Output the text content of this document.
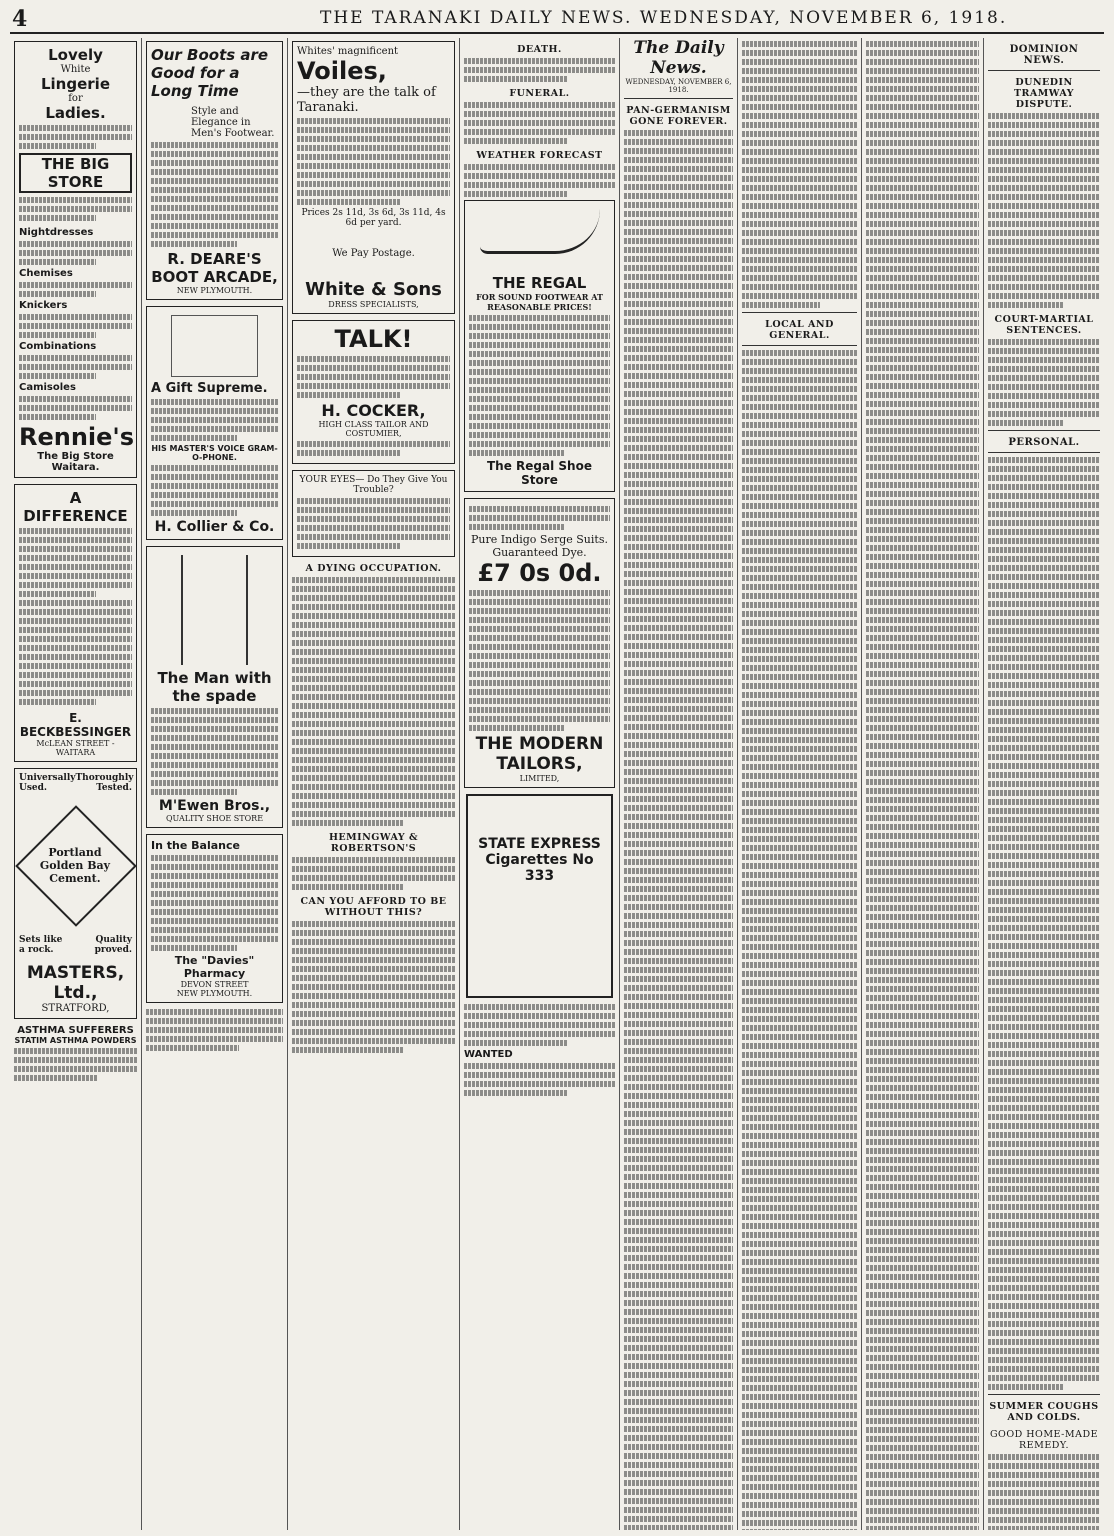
4	THE TARANAKI DAILY NEWS. WEDNESDAY, NOVEMBER 6, 1918.
Lovely
White
Lingerie
for
Ladies.
THE BIG STORE
Nightdresses
Chemises
Knickers
Combinations
Camisoles
Rennie's
The Big Store Waitara.
A DIFFERENCE
E. BECKBESSINGER
McLEAN STREET - WAITARA
Universally Thoroughly
Used.	Tested.
Portland Golden Bay Cement.
Sets like a rock.
Quality proved.
MASTERS, Ltd.,
STRATFORD,
ASTHMA SUFFERERS
STATIM ASTHMA POWDERS
Our Boots are Good for a Long Time
Style and Elegance in Men's Footwear.
R. DEARE'S BOOT ARCADE,
NEW PLYMOUTH.
A Gift Supreme.
HIS MASTER'S VOICE GRAM-O-PHONE.
H. Collier & Co.
The Man with the spade
M'Ewen Bros.,
QUALITY SHOE STORE
In the Balance
The "Davies" Pharmacy
DEVON STREET
NEW PLYMOUTH.
Whites' magnificent
Voiles,
—they are the talk of Taranaki.
Prices 2s 11d, 3s 6d, 3s 11d, 4s 6d per yard.
We Pay Postage.
White & Sons
DRESS SPECIALISTS,
TALK!
H. COCKER,
HIGH CLASS TAILOR AND COSTUMIER,
YOUR EYES— Do They Give You Trouble?
A DYING OCCUPATION.
HEMINGWAY & ROBERTSON'S
CAN YOU AFFORD TO BE WITHOUT THIS?
DEATH.
FUNERAL.
WEATHER FORECAST
THE REGAL
FOR SOUND FOOTWEAR AT REASONABLE PRICES!
The Regal Shoe Store
Pure Indigo Serge Suits. Guaranteed Dye.
£7 0s 0d.
THE MODERN TAILORS,
LIMITED,
STATE EXPRESS Cigarettes No 333
WANTED
The Daily News.
WEDNESDAY, NOVEMBER 6, 1918.
PAN-GERMANISM GONE FOREVER.
LOCAL AND GENERAL.
DOMINION NEWS.
DUNEDIN TRAMWAY DISPUTE.
COURT-MARTIAL SENTENCES.
PERSONAL.
SUMMER COUGHS AND COLDS.
GOOD HOME-MADE REMEDY.
